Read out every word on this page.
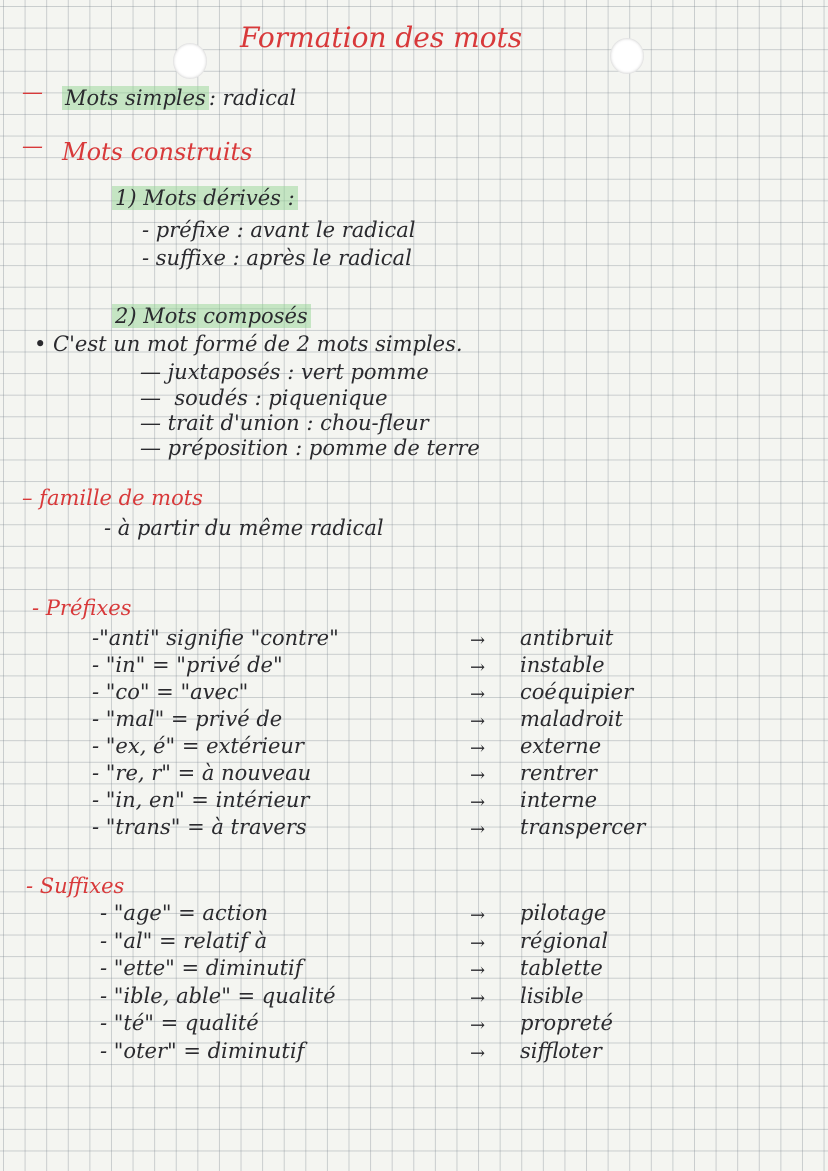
Formation des mots
— Mots simples : radical
— Mots construits
1) Mots dérivés :
- préfixe : avant le radical
- suffixe : après le radical
2) Mots composés
• C'est un mot formé de 2 mots simples.
— juxtaposés : vert pomme
—  soudés : piquenique
— trait d'union : chou-fleur
— préposition : pomme de terre
– famille de mots
- à partir du même radical
- Préfixes
-"anti" signifie "contre"	→ antibruit
- "in" = "privé de"	→ instable
- "co" = "avec"	→ coéquipier
- "mal" = privé de	→ maladroit
- "ex, é" = extérieur	→ externe
- "re, r" = à nouveau	→ rentrer
- "in, en" = intérieur	→ interne
- "trans" = à travers	→ transpercer
- Suffixes
- "age" = action	→ pilotage
- "al" = relatif à	→ régional
- "ette" = diminutif	→ tablette
- "ible, able" = qualité	→ lisible
- "té" = qualité	→ propreté
- "oter" = diminutif	→ siffloter
